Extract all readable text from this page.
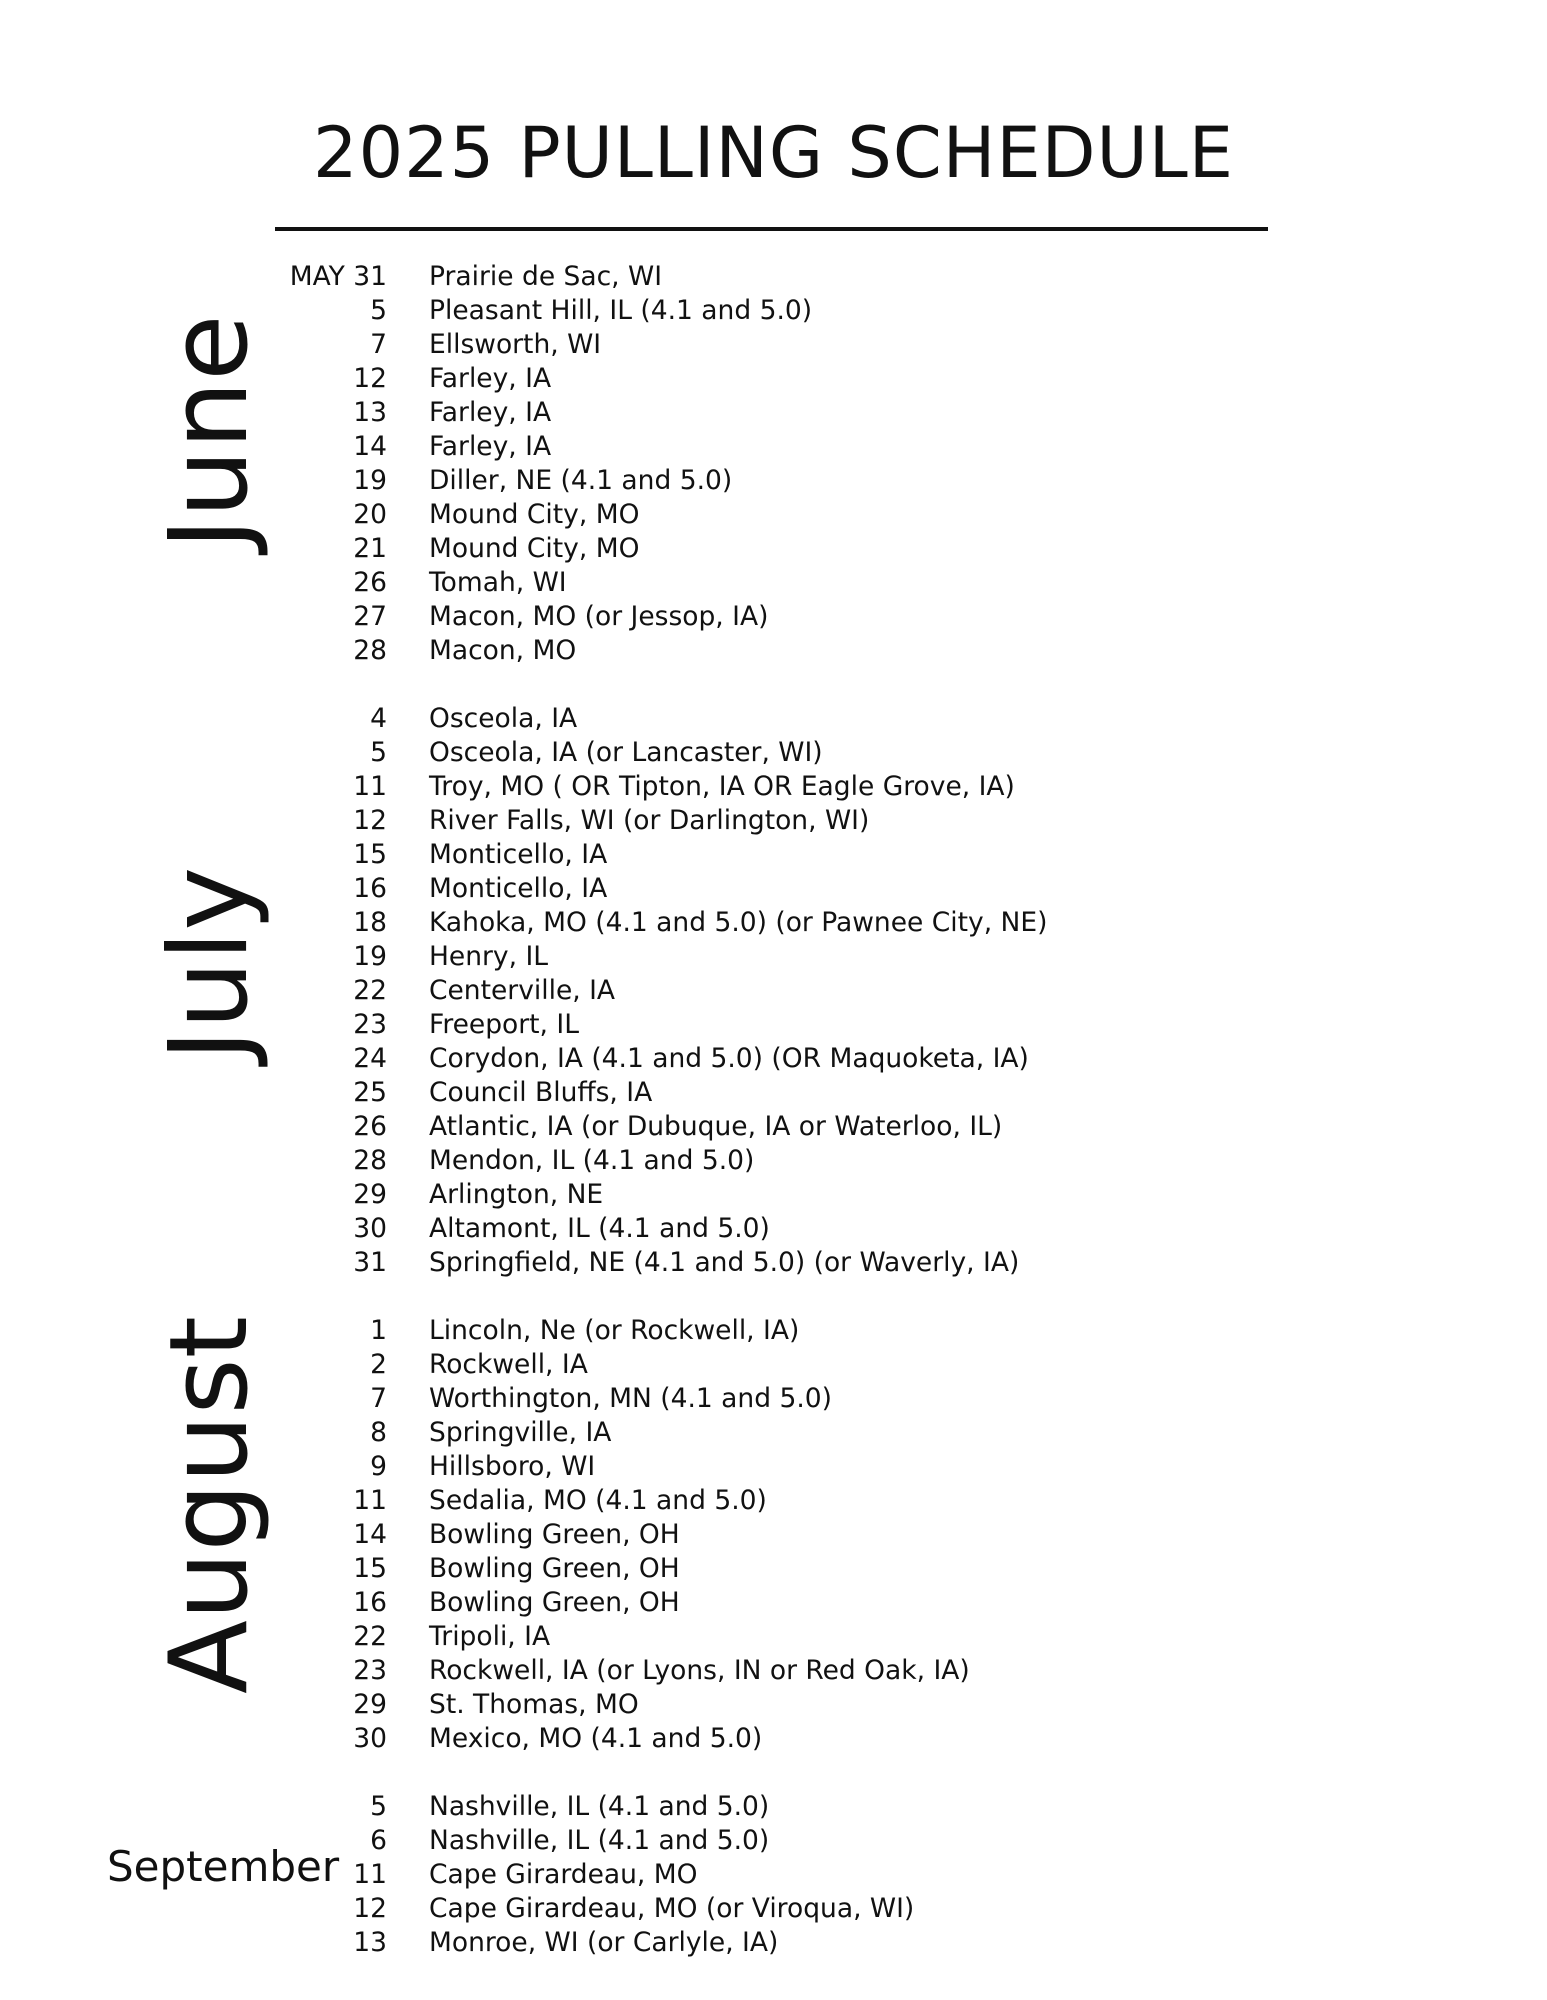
2025 PULLING SCHEDULE
June
July
August
September
MAY 31 Prairie de Sac, WI
5 Pleasant Hill, IL (4.1 and 5.0)
7 Ellsworth, WI
12 Farley, IA
13 Farley, IA
14 Farley, IA
19 Diller, NE (4.1 and 5.0)
20 Mound City, MO
21 Mound City, MO
26 Tomah, WI
27 Macon, MO (or Jessop, IA)
28 Macon, MO
4 Osceola, IA
5 Osceola, IA (or Lancaster, WI)
11 Troy, MO ( OR Tipton, IA OR Eagle Grove, IA)
12 River Falls, WI (or Darlington, WI)
15 Monticello, IA
16 Monticello, IA
18 Kahoka, MO (4.1 and 5.0) (or Pawnee City, NE)
19 Henry, IL
22 Centerville, IA
23 Freeport, IL
24 Corydon, IA (4.1 and 5.0) (OR Maquoketa, IA)
25 Council Bluffs, IA
26 Atlantic, IA (or Dubuque, IA or Waterloo, IL)
28 Mendon, IL (4.1 and 5.0)
29 Arlington, NE
30 Altamont, IL (4.1 and 5.0)
31 Springfield, NE (4.1 and 5.0) (or Waverly, IA)
1 Lincoln, Ne (or Rockwell, IA)
2 Rockwell, IA
7 Worthington, MN (4.1 and 5.0)
8 Springville, IA
9 Hillsboro, WI
11 Sedalia, MO (4.1 and 5.0)
14 Bowling Green, OH
15 Bowling Green, OH
16 Bowling Green, OH
22 Tripoli, IA
23 Rockwell, IA (or Lyons, IN or Red Oak, IA)
29 St. Thomas, MO
30 Mexico, MO (4.1 and 5.0)
5 Nashville, IL (4.1 and 5.0)
6 Nashville, IL (4.1 and 5.0)
11 Cape Girardeau, MO
12 Cape Girardeau, MO (or Viroqua, WI)
13 Monroe, WI (or Carlyle, IA)
